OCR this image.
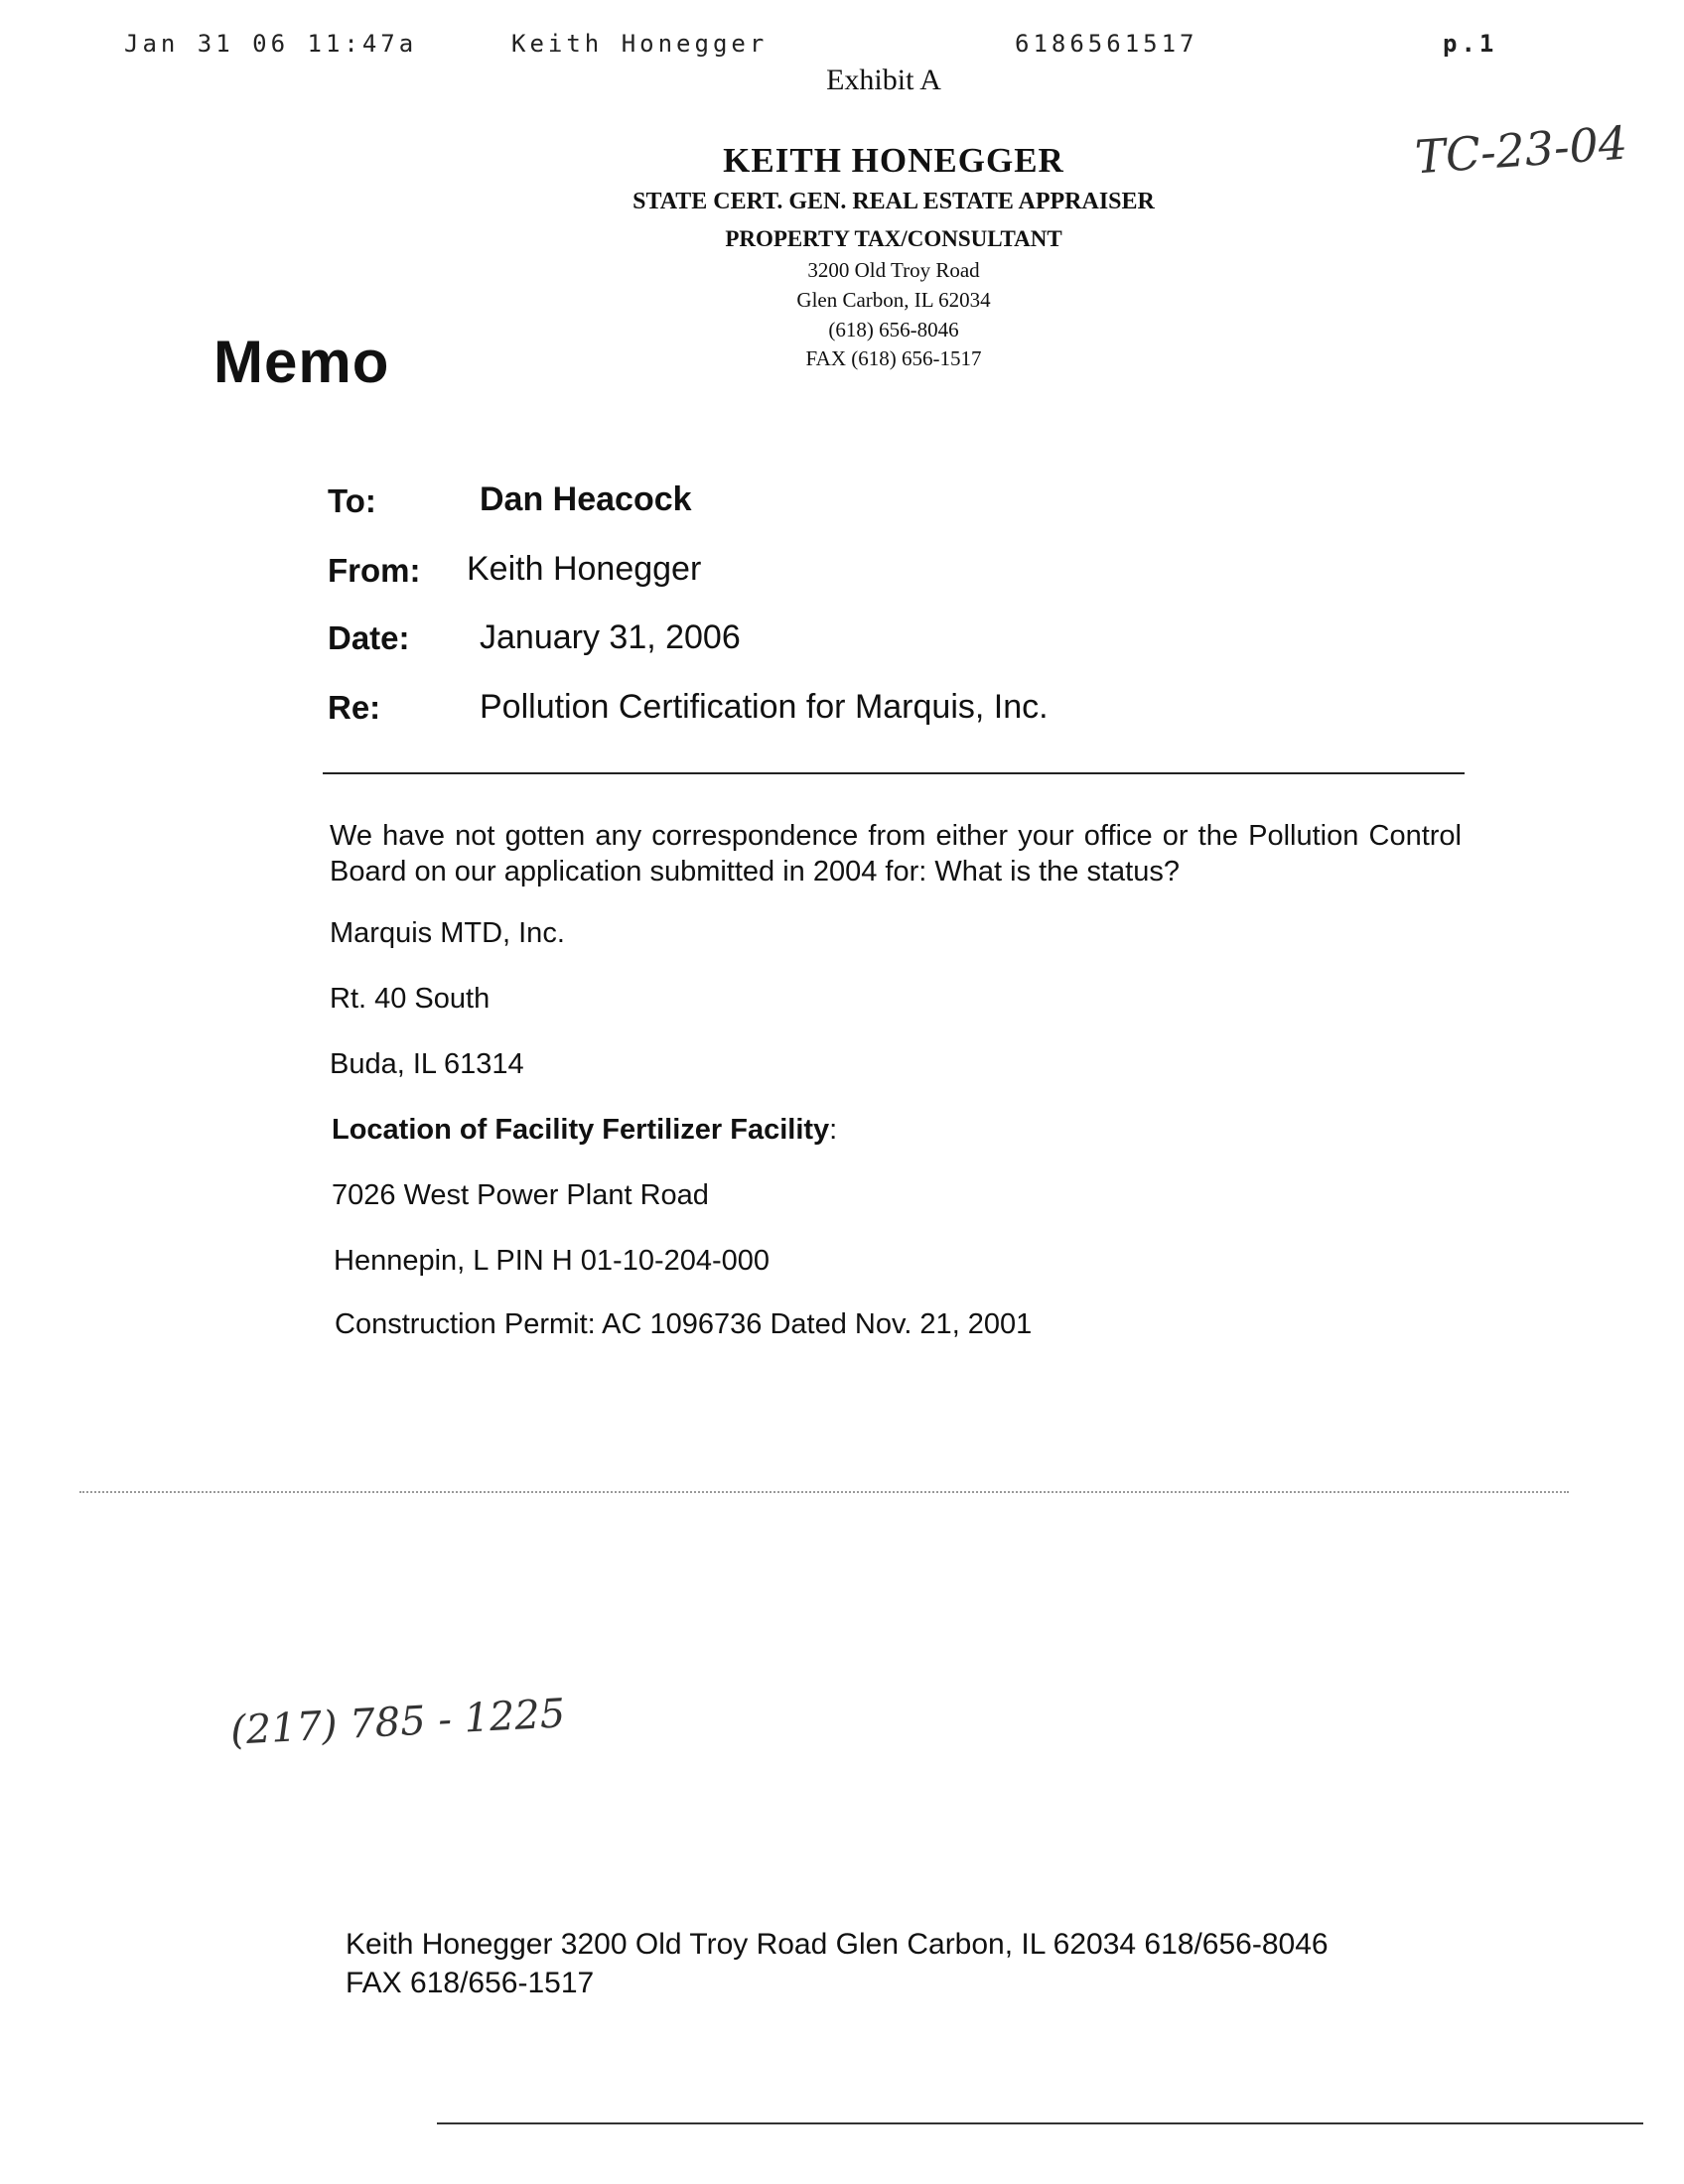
Jan 31 06 11:47a	Keith Honegger	6186561517	p.1
Exhibit A
TC-23-04
KEITH HONEGGER
STATE CERT. GEN. REAL ESTATE APPRAISER
PROPERTY TAX/CONSULTANT
3200 Old Troy Road
Glen Carbon, IL 62034
(618) 656-8046
FAX (618) 656-1517
Memo
To:	Dan Heacock
From: Keith Honegger
Date: January 31, 2006
Re:	Pollution Certification for Marquis, Inc.
We have not gotten any correspondence from either your office or the Pollution Control Board on our application submitted in 2004 for: What is the status?
Marquis MTD, Inc.
Rt. 40 South
Buda, IL 61314
Location of Facility Fertilizer Facility:
7026 West Power Plant Road
Hennepin, L PIN H 01-10-204-000
Construction Permit: AC 1096736 Dated Nov. 21, 2001
(217) 785 - 1225
Keith Honegger 3200 Old Troy Road Glen Carbon, IL 62034 618/656-8046
FAX 618/656-1517
